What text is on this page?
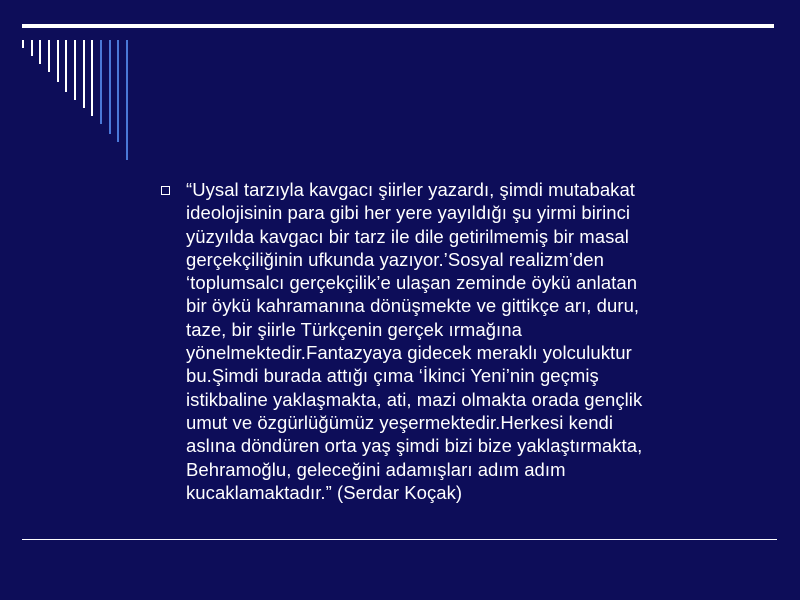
“Uysal tarzıyla kavgacı şiirler yazardı, şimdi mutabakat
ideolojisinin para gibi her yere yayıldığı şu yirmi birinci
yüzyılda kavgacı bir tarz ile dile getirilmemiş bir masal
gerçekçiliğinin ufkunda yazıyor.’Sosyal realizm’den
‘toplumsalcı gerçekçilik’e ulaşan zeminde öykü anlatan
bir öykü kahramanına dönüşmekte ve gittikçe arı, duru,
taze, bir şiirle Türkçenin gerçek ırmağına
yönelmektedir.Fantazyaya gidecek meraklı yolculuktur
bu.Şimdi burada attığı çıma ‘İkinci Yeni’nin geçmiş
istikbaline yaklaşmakta, ati, mazi olmakta orada gençlik
umut ve özgürlüğümüz yeşermektedir.Herkesi kendi
aslına döndüren orta yaş şimdi bizi bize yaklaştırmakta,
Behramoğlu, geleceğini adamışları adım adım
kucaklamaktadır.” (Serdar Koçak)
